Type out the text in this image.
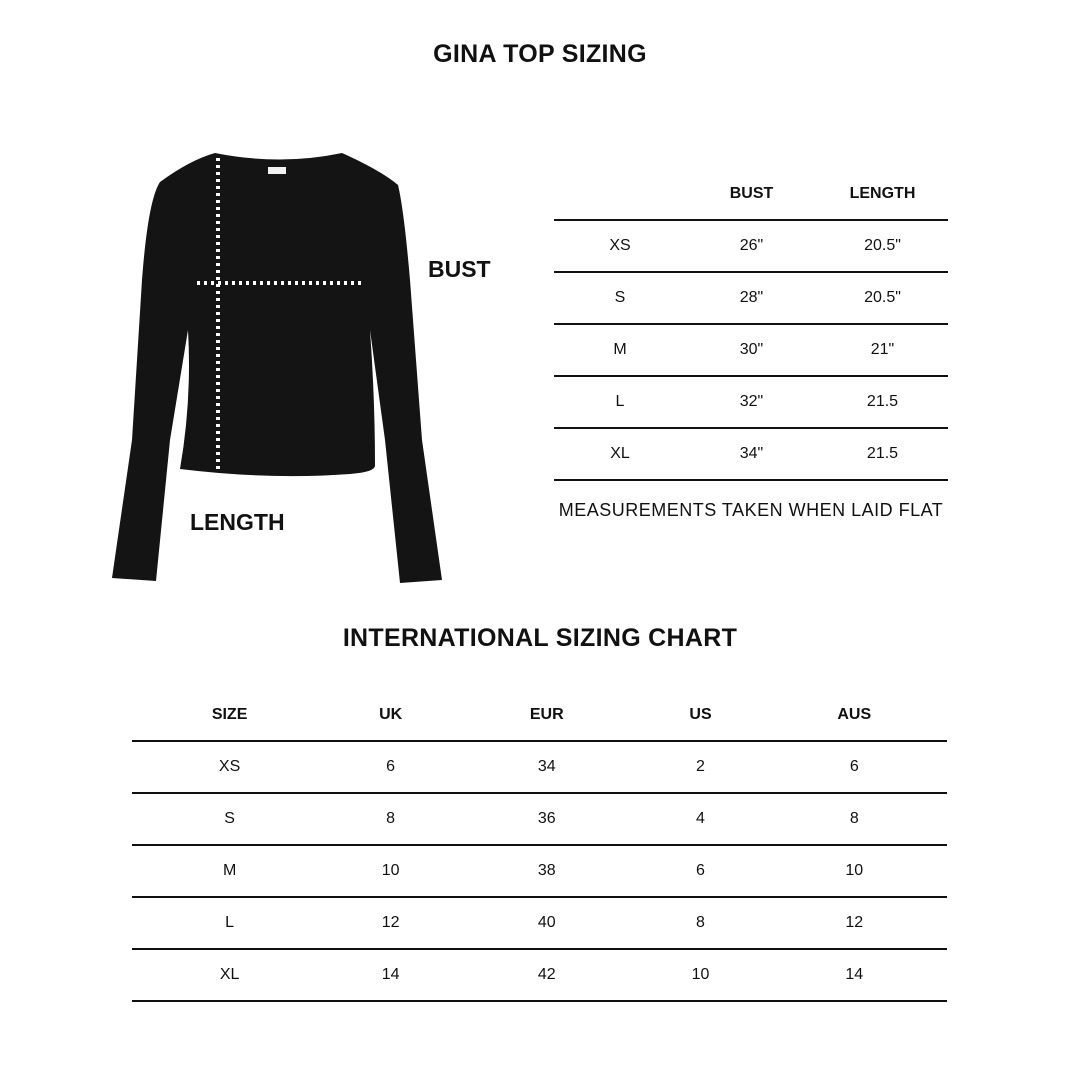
GINA TOP SIZING
BUST
LENGTH
	BUST	LENGTH
XS	26"	20.5"
S	28"	20.5"
M	30"	21"
L	32"	21.5
XL	34"	21.5
MEASUREMENTS TAKEN WHEN LAID FLAT
INTERNATIONAL SIZING CHART
SIZE	UK	EUR	US	AUS
XS	6	34	2	6
S	8	36	4	8
M	10	38	6	10
L	12	40	8	12
XL	14	42	10	14
